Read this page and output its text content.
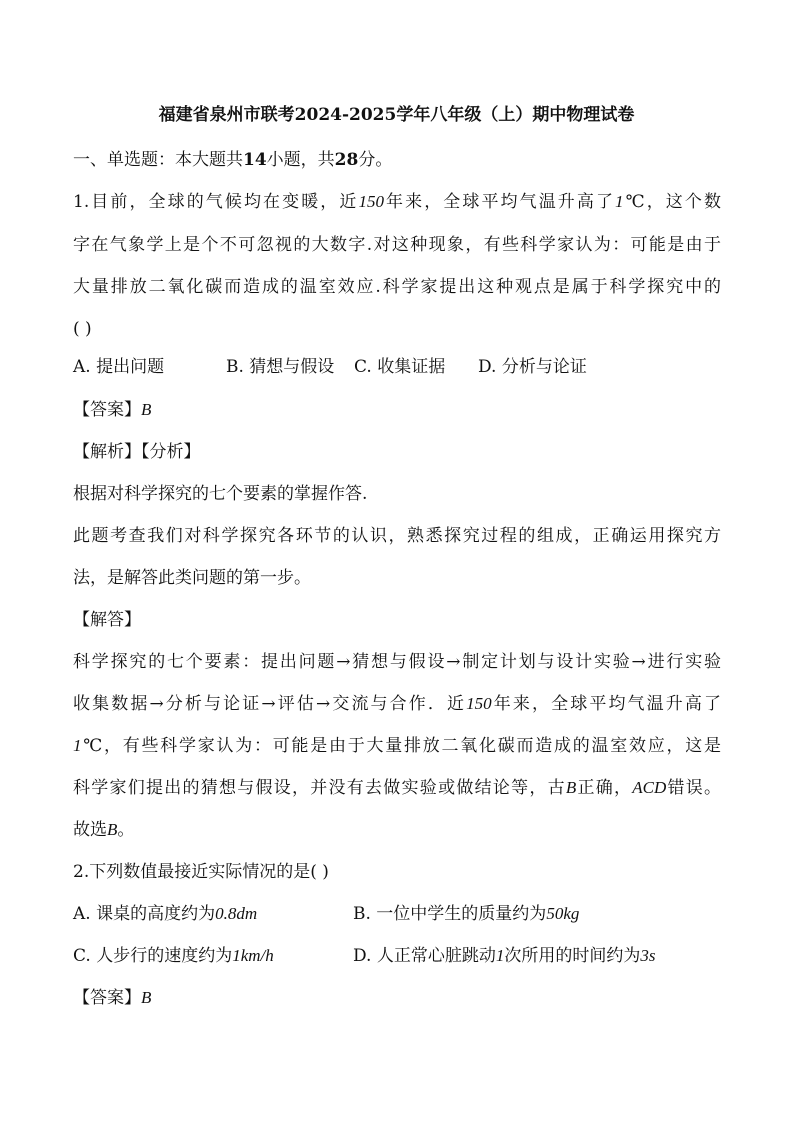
福建省泉州市联考2024-2025学年八年级（上）期中物理试卷
一、单选题：本大题共14小题，共28分。
1.目前，全球的气候均在变暖，近150年来，全球平均气温升高了1℃，这个数
字在气象学上是个不可忽视的大数字.对这种现象，有些科学家认为：可能是由于
大量排放二氧化碳而造成的温室效应.科学家提出这种观点是属于科学探究中的
( )
A. 提出问题	B. 猜想与假设 C. 收集证据 D. 分析与论证
【答案】B
【解析】【分析】
根据对科学探究的七个要素的掌握作答.
此题考查我们对科学探究各环节的认识，熟悉探究过程的组成，正确运用探究方
法，是解答此类问题的第一步。
【解答】
科学探究的七个要素：提出问题→猜想与假设→制定计划与设计实验→进行实验
收集数据→分析与论证→评估→交流与合作．近150年来，全球平均气温升高了
1℃，有些科学家认为：可能是由于大量排放二氧化碳而造成的温室效应，这是
科学家们提出的猜想与假设，并没有去做实验或做结论等，古B正确，ACD错误。
故选B。
2.下列数值最接近实际情况的是( )
A. 课桌的高度约为0.8dm	B. 一位中学生的质量约为50kg
C. 人步行的速度约为1km/h	D. 人正常心脏跳动1次所用的时间约为3s
【答案】B
